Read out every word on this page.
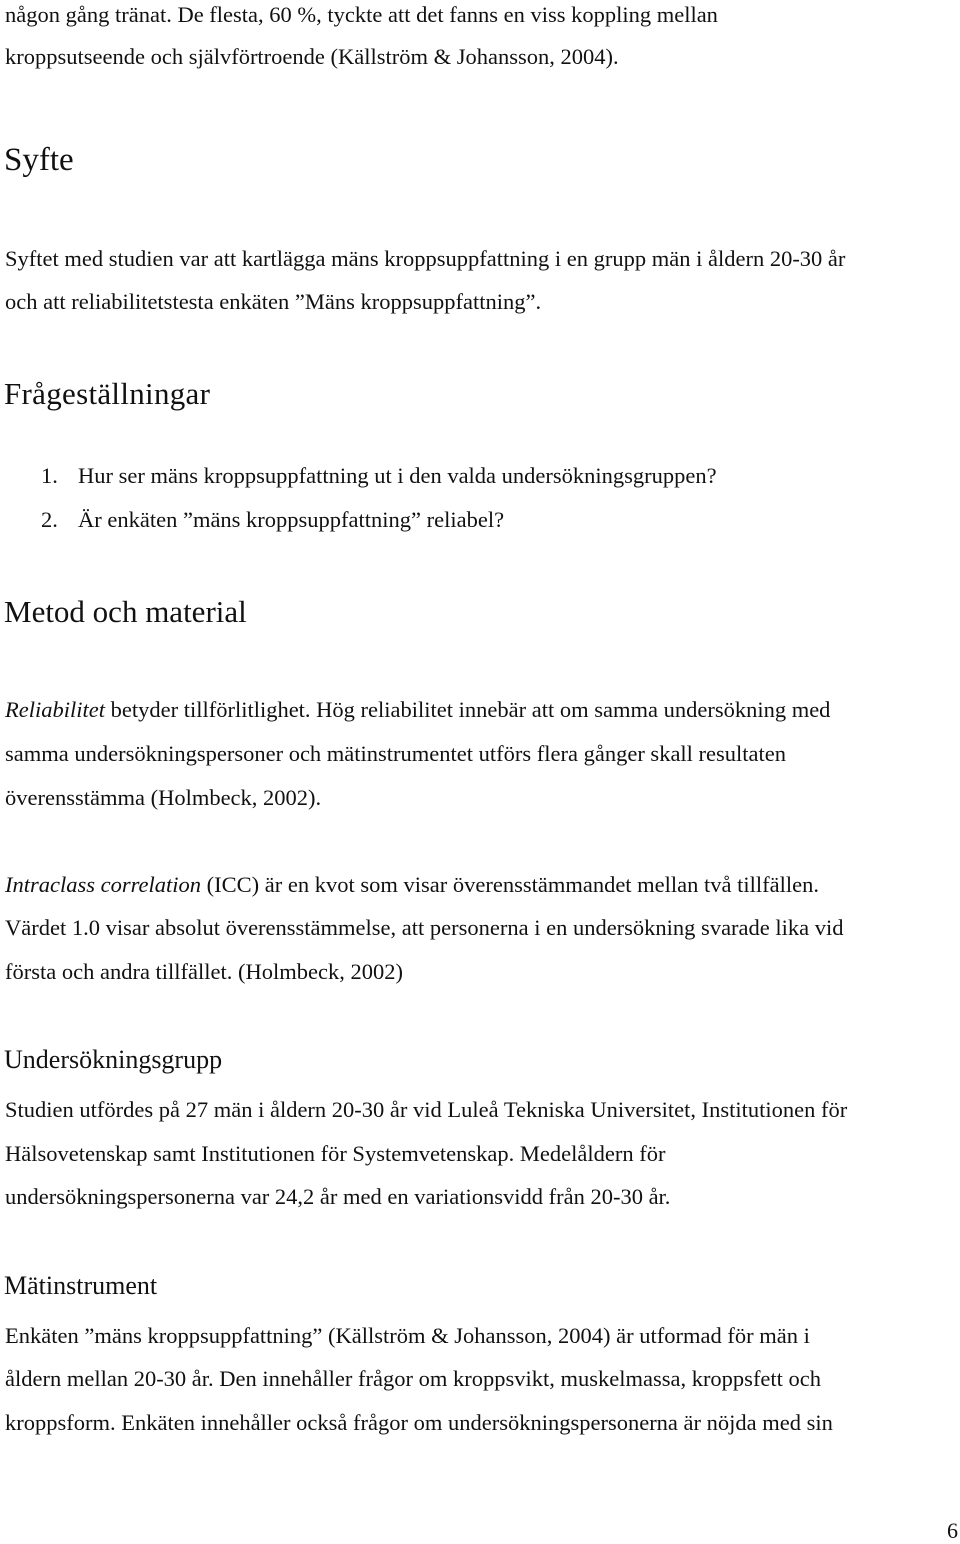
någon gång tränat. De flesta, 60 %, tyckte att det fanns en viss koppling mellan
kroppsutseende och självförtroende (Källström & Johansson, 2004).
Syfte
Syftet med studien var att kartlägga mäns kroppsuppfattning i en grupp män i åldern 20-30 år
och att reliabilitetstesta enkäten ”Mäns kroppsuppfattning”.
Frågeställningar
1. Hur ser mäns kroppsuppfattning ut i den valda undersökningsgruppen?
2. Är enkäten ”mäns kroppsuppfattning” reliabel?
Metod och material
Reliabilitet betyder tillförlitlighet. Hög reliabilitet innebär att om samma undersökning med
samma undersökningspersoner och mätinstrumentet utförs flera gånger skall resultaten
överensstämma (Holmbeck, 2002).
Intraclass correlation (ICC) är en kvot som visar överensstämmandet mellan två tillfällen.
Värdet 1.0 visar absolut överensstämmelse, att personerna i en undersökning svarade lika vid
första och andra tillfället. (Holmbeck, 2002)
Undersökningsgrupp
Studien utfördes på 27 män i åldern 20-30 år vid Luleå Tekniska Universitet, Institutionen för
Hälsovetenskap samt Institutionen för Systemvetenskap. Medelåldern för
undersökningspersonerna var 24,2 år med en variationsvidd från 20-30 år.
Mätinstrument
Enkäten ”mäns kroppsuppfattning” (Källström & Johansson, 2004) är utformad för män i
åldern mellan 20-30 år. Den innehåller frågor om kroppsvikt, muskelmassa, kroppsfett och
kroppsform. Enkäten innehåller också frågor om undersökningspersonerna är nöjda med sin
6
